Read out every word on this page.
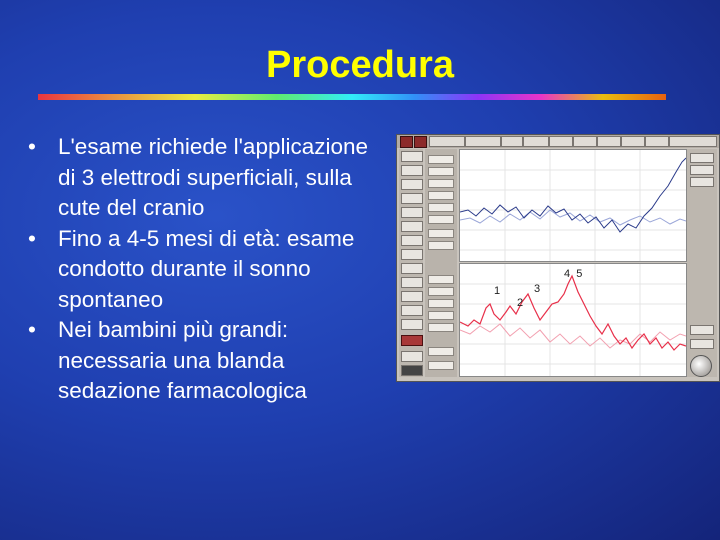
Procedura
• L'esame richiede l'applicazione di 3 elettrodi superficiali, sulla cute del cranio
• Fino a 4-5 mesi di età: esame condotto durante il sonno spontaneo
• Nei bambini più grandi: necessaria una blanda sedazione farmacologica
1
2
3
4  5
